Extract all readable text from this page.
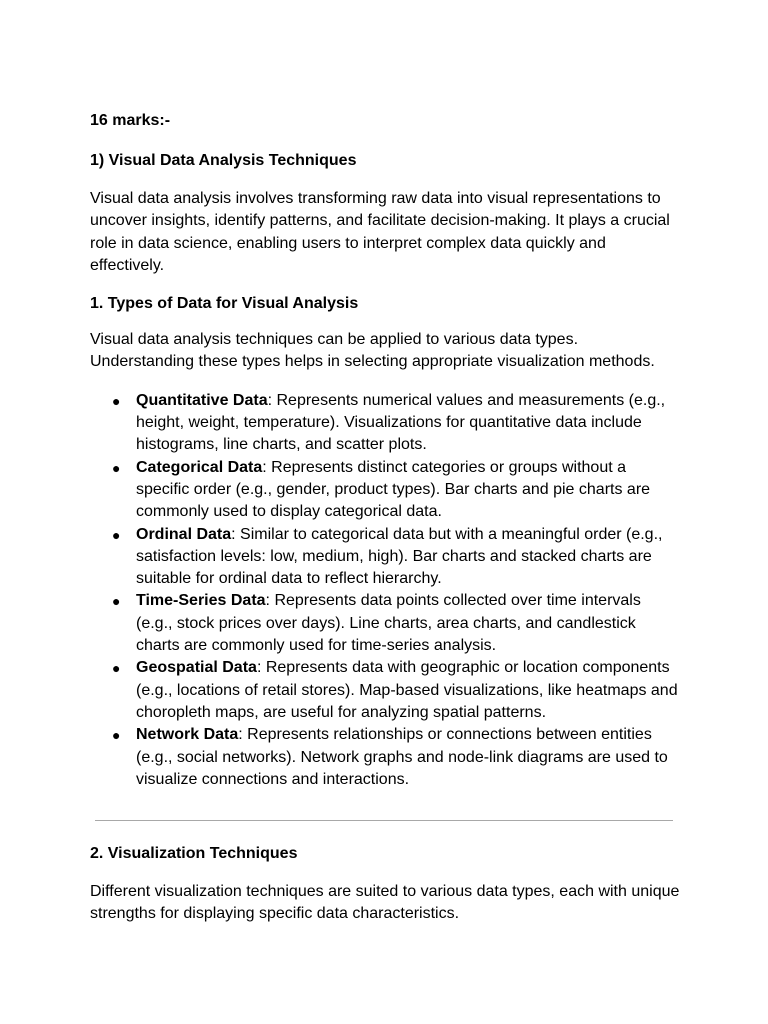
16 marks:-

1) Visual Data Analysis Techniques

Visual data analysis involves transforming raw data into visual representations to uncover insights, identify patterns, and facilitate decision-making. It plays a crucial role in data science, enabling users to interpret complex data quickly and effectively.

1. Types of Data for Visual Analysis

Visual data analysis techniques can be applied to various data types. Understanding these types helps in selecting appropriate visualization methods.

● Quantitative Data: Represents numerical values and measurements (e.g., height, weight, temperature). Visualizations for quantitative data include histograms, line charts, and scatter plots.
● Categorical Data: Represents distinct categories or groups without a specific order (e.g., gender, product types). Bar charts and pie charts are commonly used to display categorical data.
● Ordinal Data: Similar to categorical data but with a meaningful order (e.g., satisfaction levels: low, medium, high). Bar charts and stacked charts are suitable for ordinal data to reflect hierarchy.
● Time-Series Data: Represents data points collected over time intervals (e.g., stock prices over days). Line charts, area charts, and candlestick charts are commonly used for time-series analysis.
● Geospatial Data: Represents data with geographic or location components (e.g., locations of retail stores). Map-based visualizations, like heatmaps and choropleth maps, are useful for analyzing spatial patterns.
● Network Data: Represents relationships or connections between entities (e.g., social networks). Network graphs and node-link diagrams are used to visualize connections and interactions.

2. Visualization Techniques

Different visualization techniques are suited to various data types, each with unique strengths for displaying specific data characteristics.
